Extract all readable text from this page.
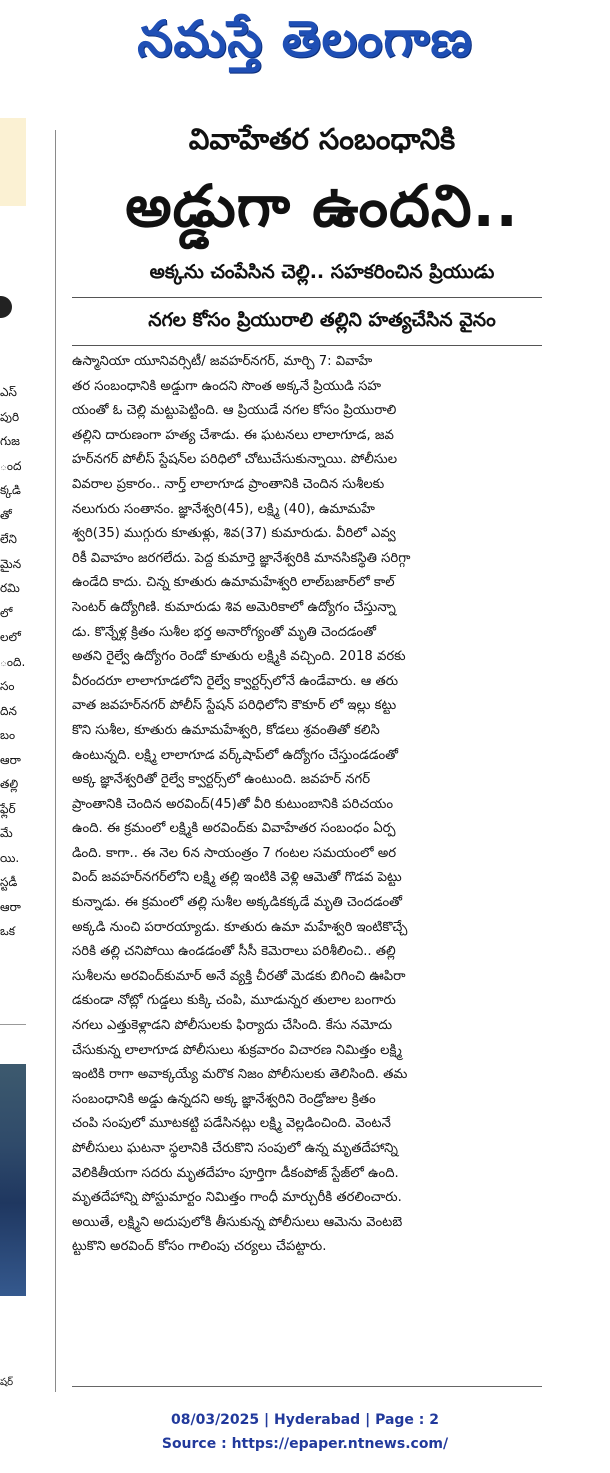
నమస్తే తెలంగాణ
ఎస్
పురి
గుజ
ంద
క్కడి
తో
లేని
మైన
రమి
లో
లలో
ంది.
సం
దిన
బం
ఆరా
తల్లి
ఫ్లేర్
మే
యి.
స్టడీ
ఆరా
ఒక
షర్
వివాహేతర సంబంధానికి
అడ్డుగా ఉందని..
అక్కను చంపేసిన చెల్లి.. సహకరించిన ప్రియుడు
నగల కోసం ప్రియురాలి తల్లిని హత్యచేసిన వైనం
ఉస్మానియా యూనివర్సిటీ/ జవహర్‌నగర్, మార్చి 7: వివాహే
తర సంబంధానికి అడ్డుగా ఉందని సొంత అక్కనే ప్రియుడి సహ
యంతో ఓ చెల్లి మట్టుపెట్టింది. ఆ ప్రియుడే నగల కోసం ప్రియురాలి
తల్లిని దారుణంగా హత్య చేశాడు. ఈ ఘటనలు లాలాగూడ, జవ
హర్‌నగర్ పోలీస్ స్టేషన్‌ల పరిధిలో చోటుచేసుకున్నాయి. పోలీసుల
వివరాల ప్రకారం.. నార్త్ లాలాగూడ ప్రాంతానికి చెందిన సుశీలకు
నలుగురు సంతానం. జ్ఞానేశ్వరి(45), లక్ష్మి (40), ఉమామహే
శ్వరి(35) ముగ్గురు కూతుళ్లు, శివ(37) కుమారుడు. వీరిలో ఎవ్వ
రికీ వివాహం జరగలేదు. పెద్ద కుమార్తె జ్ఞానేశ్వరికి మానసికస్థితి సరిగ్గా
ఉండేది కాదు. చిన్న కూతురు ఉమామహేశ్వరి లాల్‌బజార్‌లో కాల్
సెంటర్ ఉద్యోగిణి. కుమారుడు శివ అమెరికాలో ఉద్యోగం చేస్తున్నా
డు. కొన్నేళ్ల క్రితం సుశీల భర్త అనారోగ్యంతో మృతి చెందడంతో
అతని రైల్వే ఉద్యోగం రెండో కూతురు లక్ష్మికి వచ్చింది. 2018 వరకు
వీరందరూ లాలాగూడలోని రైల్వే క్వార్టర్స్‌లోనే ఉండేవారు. ఆ తరు
వాత జవహర్‌నగర్ పోలీస్ స్టేషన్ పరిధిలోని కౌకూర్ లో ఇల్లు కట్టు
కొని సుశీల, కూతురు ఉమామహేశ్వరి, కోడలు శ్రవంతితో కలిసి
ఉంటున్నది. లక్ష్మి లాలాగూడ వర్క్‌షాప్‌లో ఉద్యోగం చేస్తుండడంతో
అక్క జ్ఞానేశ్వరితో రైల్వే క్వార్టర్స్‌లో ఉంటుంది. జవహర్ నగర్
ప్రాంతానికి చెందిన అరవింద్(45)తో వీరి కుటుంబానికి పరిచయం
ఉంది. ఈ క్రమంలో లక్ష్మికి అరవింద్‌కు వివాహేతర సంబంధం ఏర్ప
డింది. కాగా.. ఈ నెల 6న సాయంత్రం 7 గంటల సమయంలో అర
వింద్ జవహర్‌నగర్‌లోని లక్ష్మి తల్లి ఇంటికి వెళ్లి ఆమెతో గొడవ పెట్టు
కున్నాడు. ఈ క్రమంలో తల్లి సుశీల అక్కడికక్కడే మృతి చెందడంతో
అక్కడి నుంచి పరారయ్యాడు. కూతురు ఉమా మహేశ్వరి ఇంటికొచ్చే
సరికి తల్లి చనిపోయి ఉండడంతో సీసీ కెమెరాలు పరిశీలించి.. తల్లి
సుశీలను అరవింద్‌కుమార్ అనే వ్యక్తి చీరతో మెడకు బిగించి ఊపిరా
డకుండా నోట్లో గుడ్డలు కుక్కి చంపి, మూడున్నర తులాల బంగారు
నగలు ఎత్తుకెళ్లాడని పోలీసులకు ఫిర్యాదు చేసింది. కేసు నమోదు
చేసుకున్న లాలాగూడ పోలీసులు శుక్రవారం విచారణ నిమిత్తం లక్ష్మి
ఇంటికి రాగా అవాక్కయ్యే మరొక నిజం పోలీసులకు తెలిసింది. తమ
సంబంధానికి అడ్డు ఉన్నదని అక్క జ్ఞానేశ్వరిని రెండ్రోజుల క్రితం
చంపి సంపులో మూటకట్టి పడేసినట్లు లక్ష్మి వెల్లడించింది. వెంటనే
పోలీసులు ఘటనా స్థలానికి చేరుకొని సంపులో ఉన్న మృతదేహాన్ని
వెలికితీయగా సదరు మృతదేహం పూర్తిగా డీకంపోజ్ స్టేజ్‌లో ఉంది.
మృతదేహాన్ని పోస్టుమార్టం నిమిత్తం గాంధీ మార్చురీకి తరలించారు.
అయితే, లక్ష్మిని అదుపులోకి తీసుకున్న పోలీసులు ఆమెను వెంటబె
ట్టుకొని అరవింద్ కోసం గాలింపు చర్యలు చేపట్టారు.
08/03/2025 | Hyderabad | Page : 2
Source : https://epaper.ntnews.com/
